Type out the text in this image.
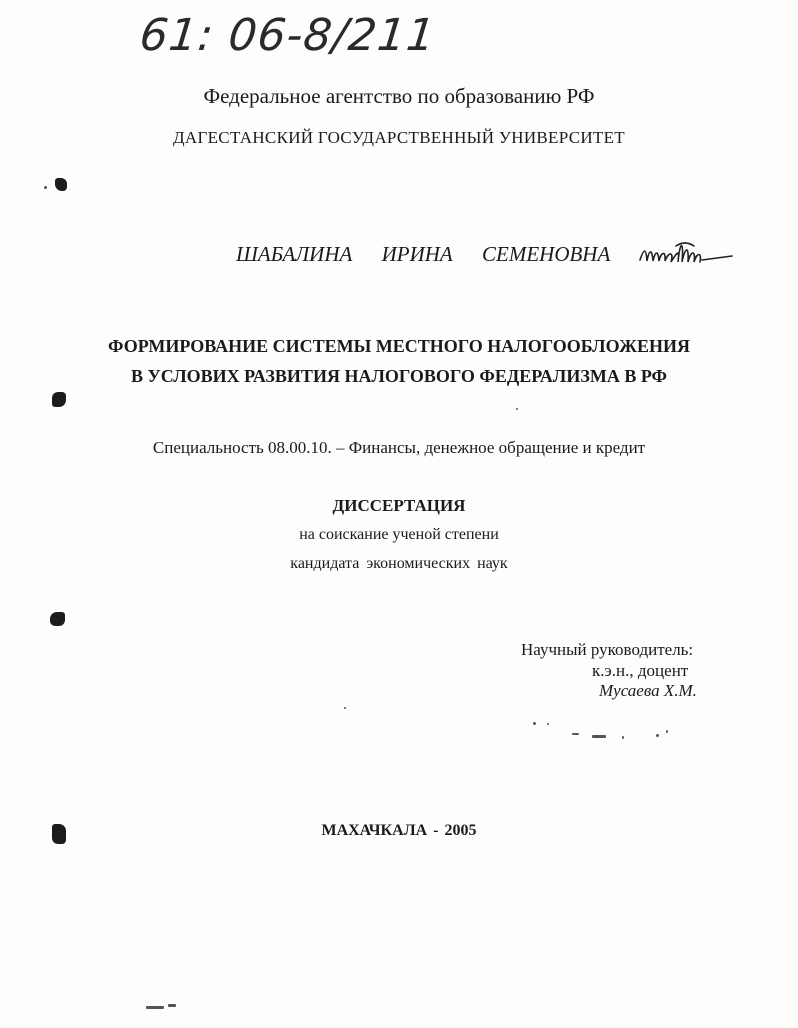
61: 06-8/211
Федеральное агентство по образованию РФ
ДАГЕСТАНСКИЙ ГОСУДАРСТВЕННЫЙ УНИВЕРСИТЕТ
ШАБАЛИНА ИРИНА СЕМЕНОВНА
ФОРМИРОВАНИЕ СИСТЕМЫ МЕСТНОГО НАЛОГООБЛОЖЕНИЯ
В УСЛОВИХ РАЗВИТИЯ НАЛОГОВОГО ФЕДЕРАЛИЗМА В РФ
Специальность 08.00.10. – Финансы, денежное обращение и кредит
ДИССЕРТАЦИЯ
на соискание ученой степени
кандидата экономических наук
Научный руководитель:
к.э.н., доцент
Мусаева Х.М.
МАХАЧКАЛА - 2005
